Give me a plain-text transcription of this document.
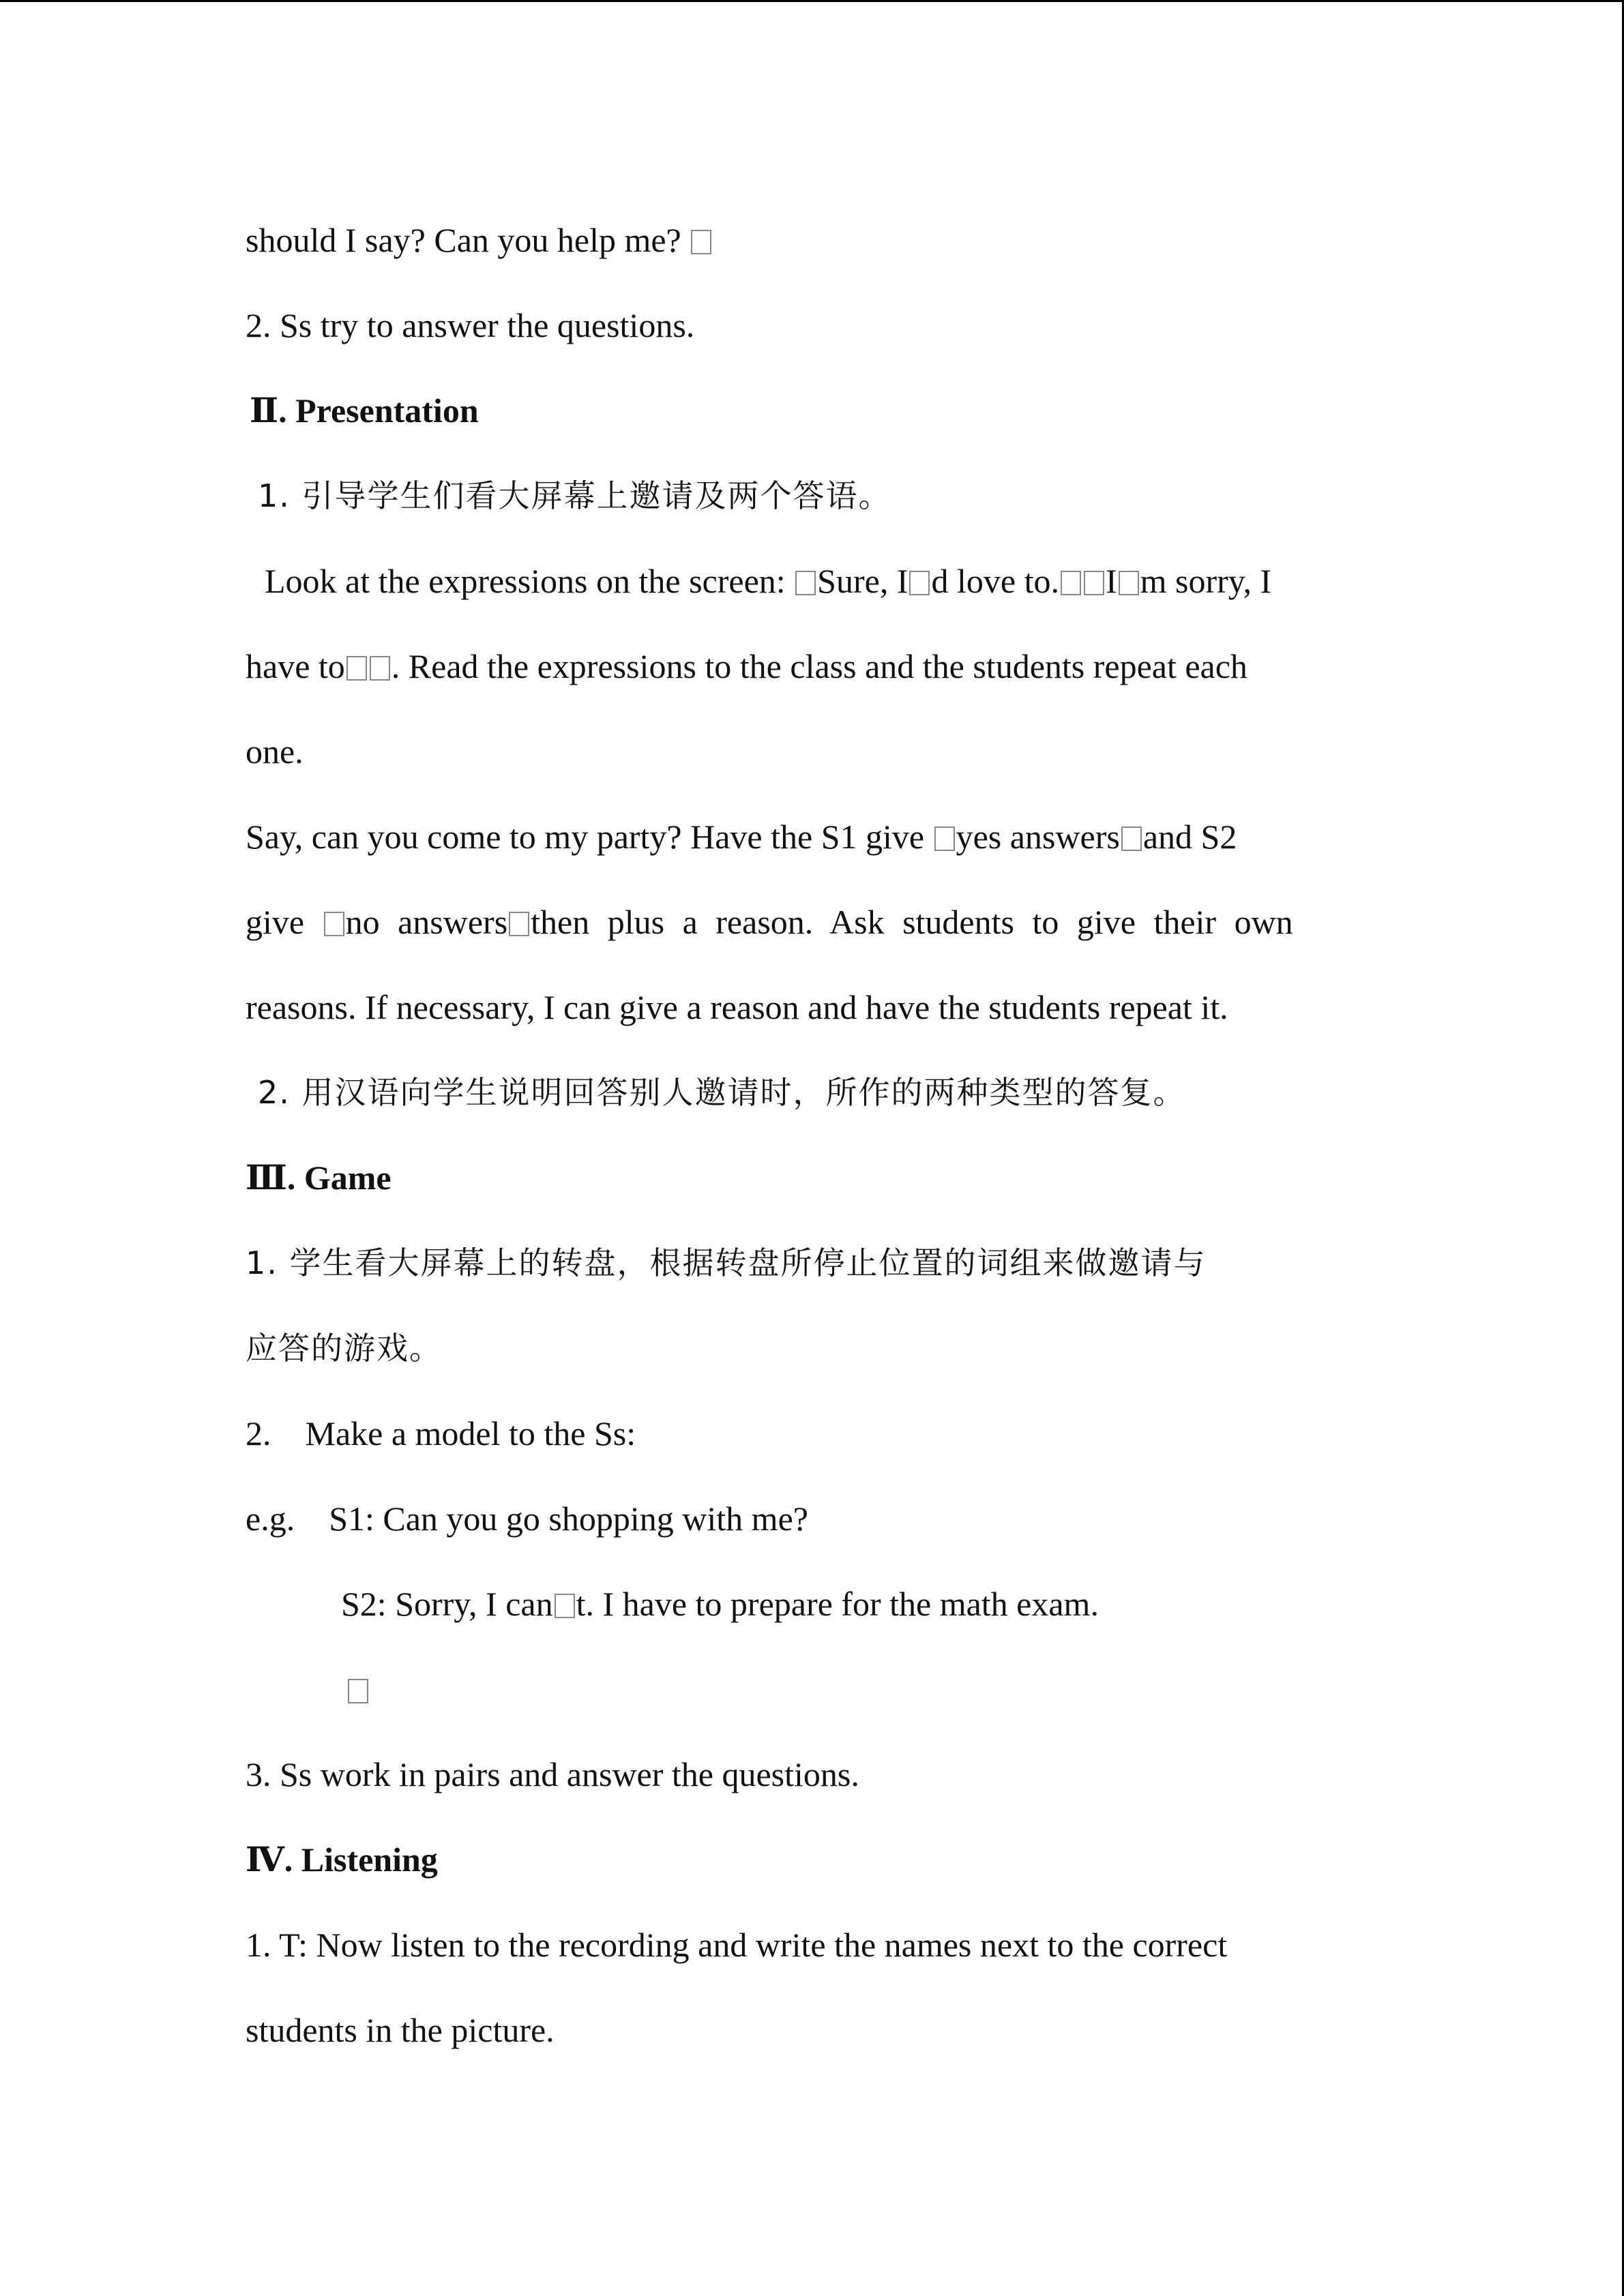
should I say? Can you help me?
2. Ss try to answer the questions.
Ⅱ. Presentation
1. 引导学生们看大屏幕上邀请及两个答语。
Look at the expressions on the screen: Sure, I d love to. I m sorry, I
have to . Read the expressions to the class and the students repeat each
one.
Say, can you come to my party? Have the S1 give yes answers and S2
give no answers then plus a reason. Ask students to give their own
reasons. If necessary, I can give a reason and have the students repeat it.
2. 用汉语向学生说明回答别人邀请时，所作的两种类型的答复。
Ⅲ. Game
1. 学生看大屏幕上的转盘，根据转盘所停止位置的词组来做邀请与
应答的游戏。
2.    Make a model to the Ss:
e.g.    S1: Can you go shopping with me?
S2: Sorry, I can t. I have to prepare for the math exam.
3. Ss work in pairs and answer the questions.
Ⅳ. Listening
1. T: Now listen to the recording and write the names next to the correct
students in the picture.
